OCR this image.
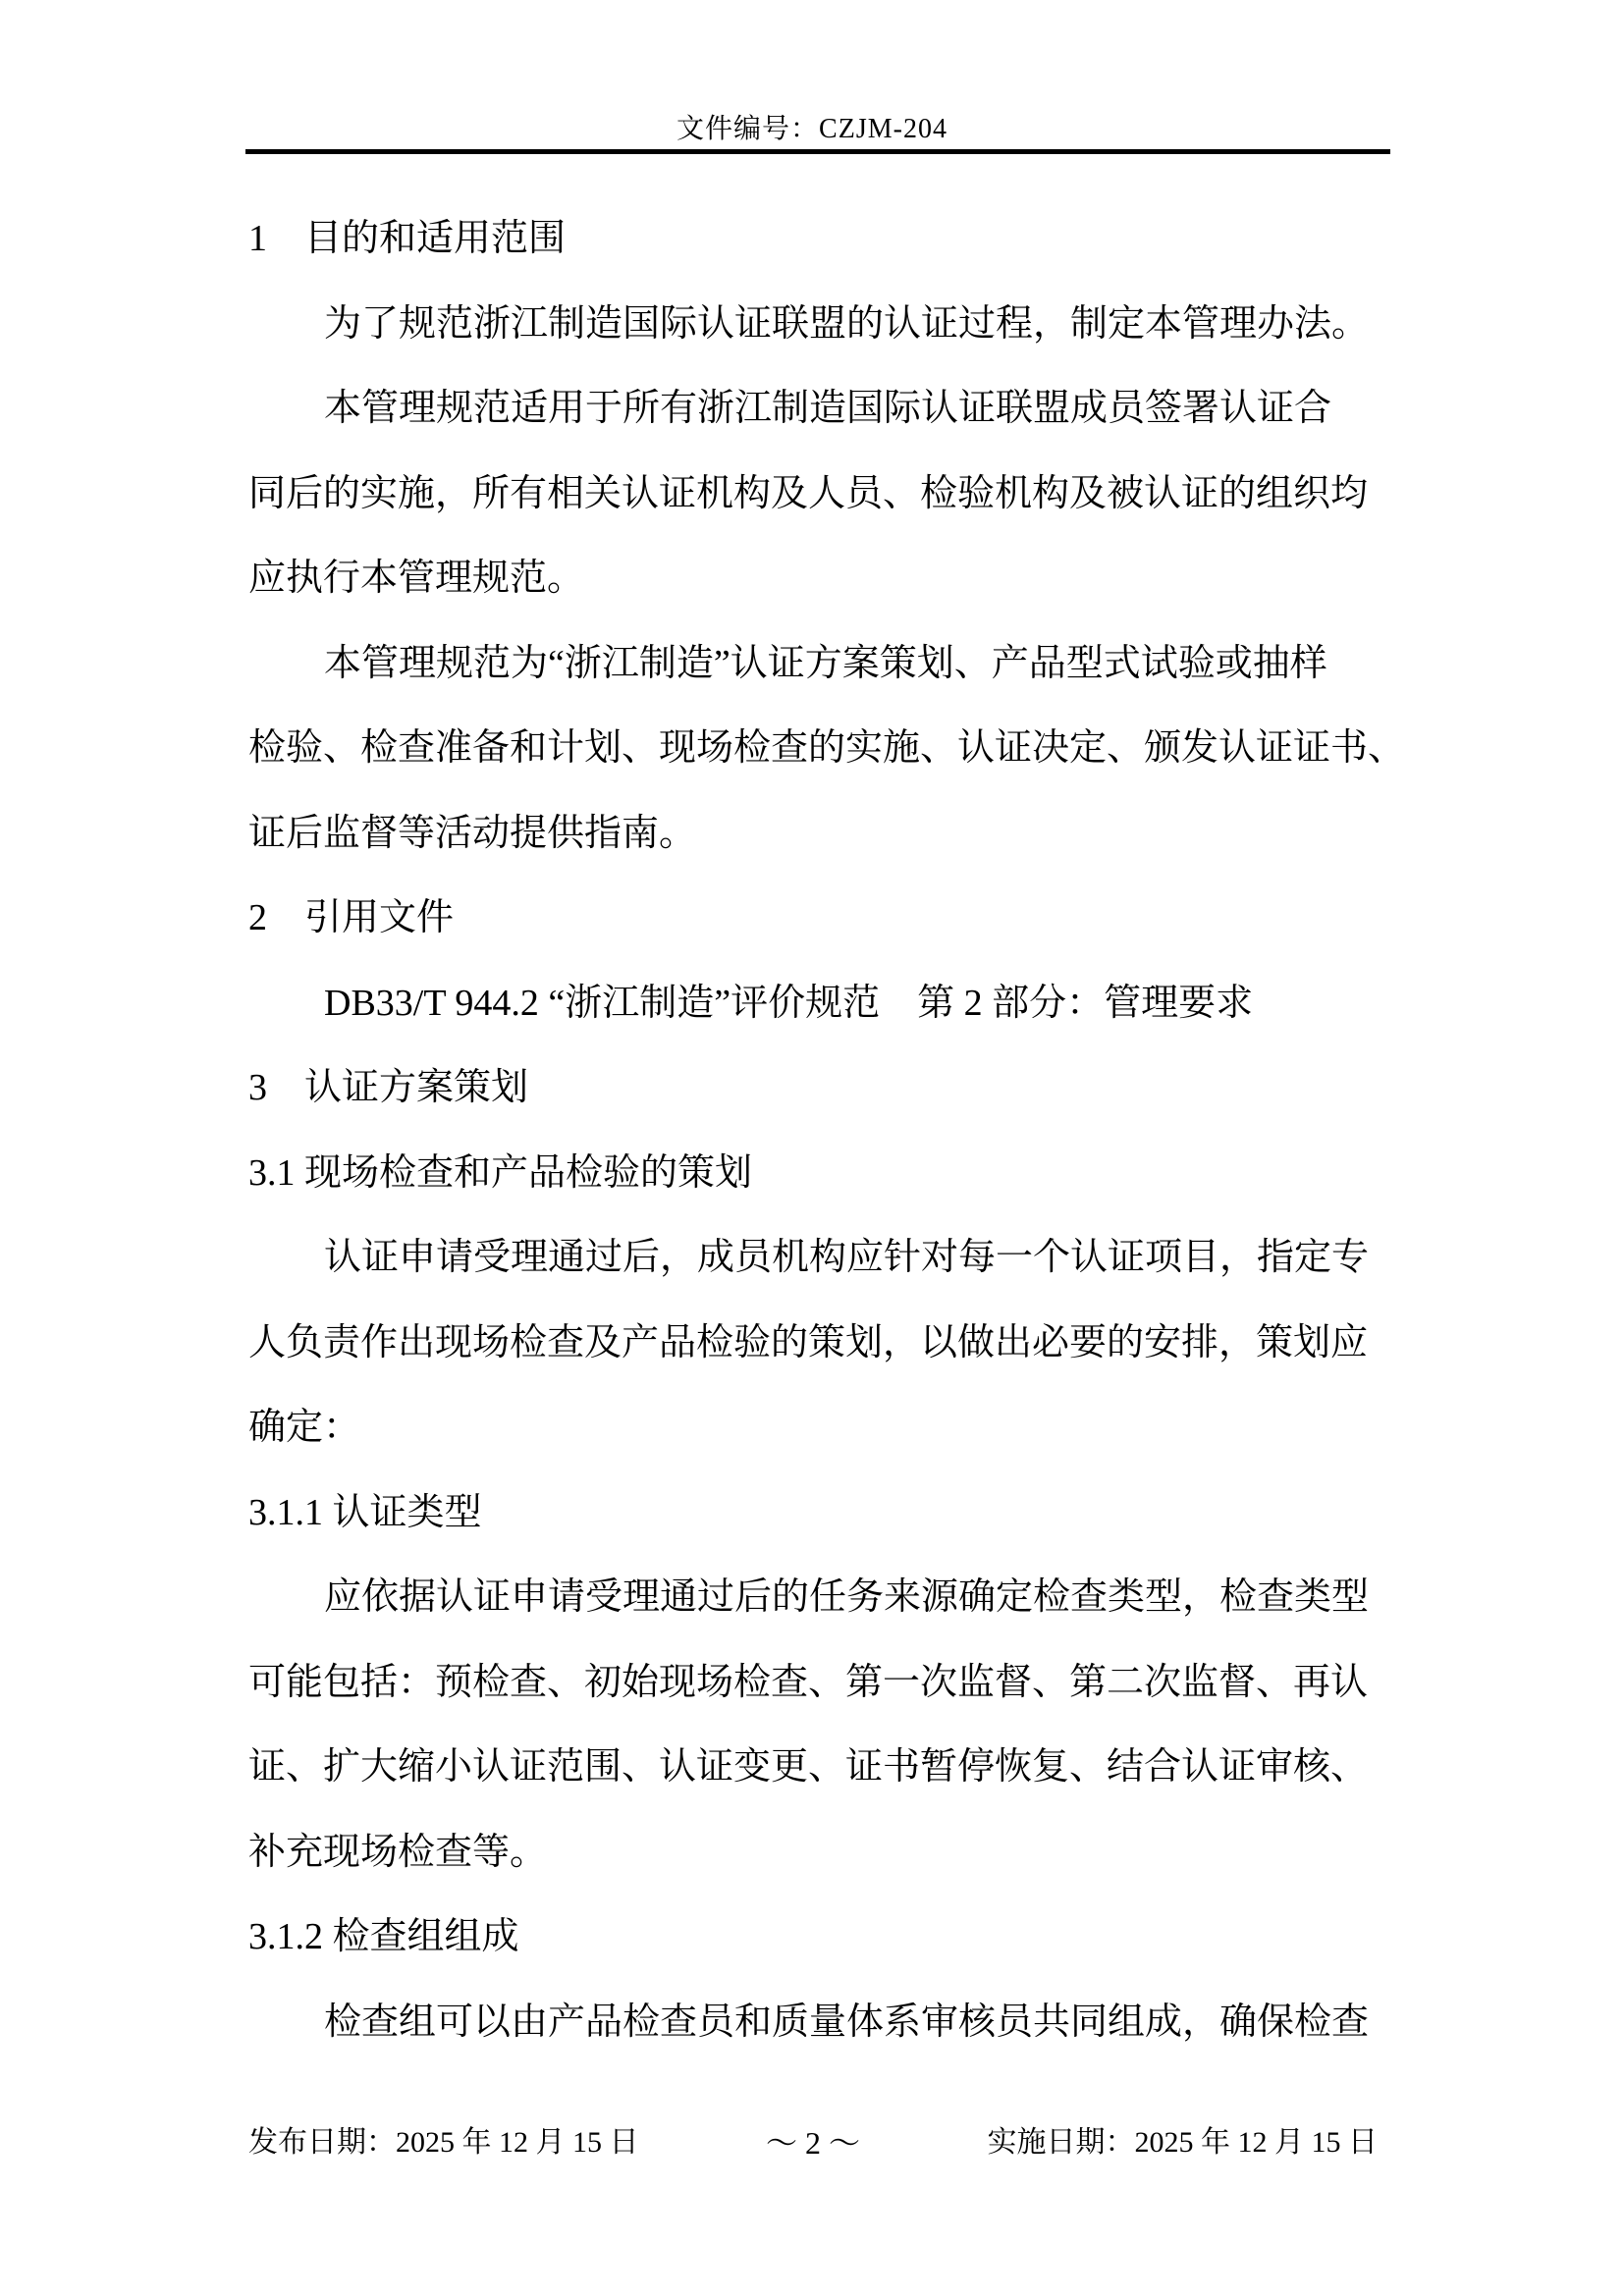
文件编号：CZJM-204
1　目的和适用范围
为了规范浙江制造国际认证联盟的认证过程，制定本管理办法。
本管理规范适用于所有浙江制造国际认证联盟成员签署认证合
同后的实施，所有相关认证机构及人员、检验机构及被认证的组织均
应执行本管理规范。
本管理规范为“浙江制造”认证方案策划、产品型式试验或抽样
检验、检查准备和计划、现场检查的实施、认证决定、颁发认证证书、
证后监督等活动提供指南。
2　引用文件
DB33/T 944.2 “浙江制造”评价规范　第 2 部分：管理要求
3　认证方案策划
3.1 现场检查和产品检验的策划
认证申请受理通过后，成员机构应针对每一个认证项目，指定专
人负责作出现场检查及产品检验的策划，以做出必要的安排，策划应
确定：
3.1.1 认证类型
应依据认证申请受理通过后的任务来源确定检查类型，检查类型
可能包括：预检查、初始现场检查、第一次监督、第二次监督、再认
证、扩大缩小认证范围、认证变更、证书暂停恢复、结合认证审核、
补充现场检查等。
3.1.2 检查组组成
检查组可以由产品检查员和质量体系审核员共同组成，确保检查
发布日期：2025 年 12 月 15 日	～ 2 ～	实施日期：2025 年 12 月 15 日
